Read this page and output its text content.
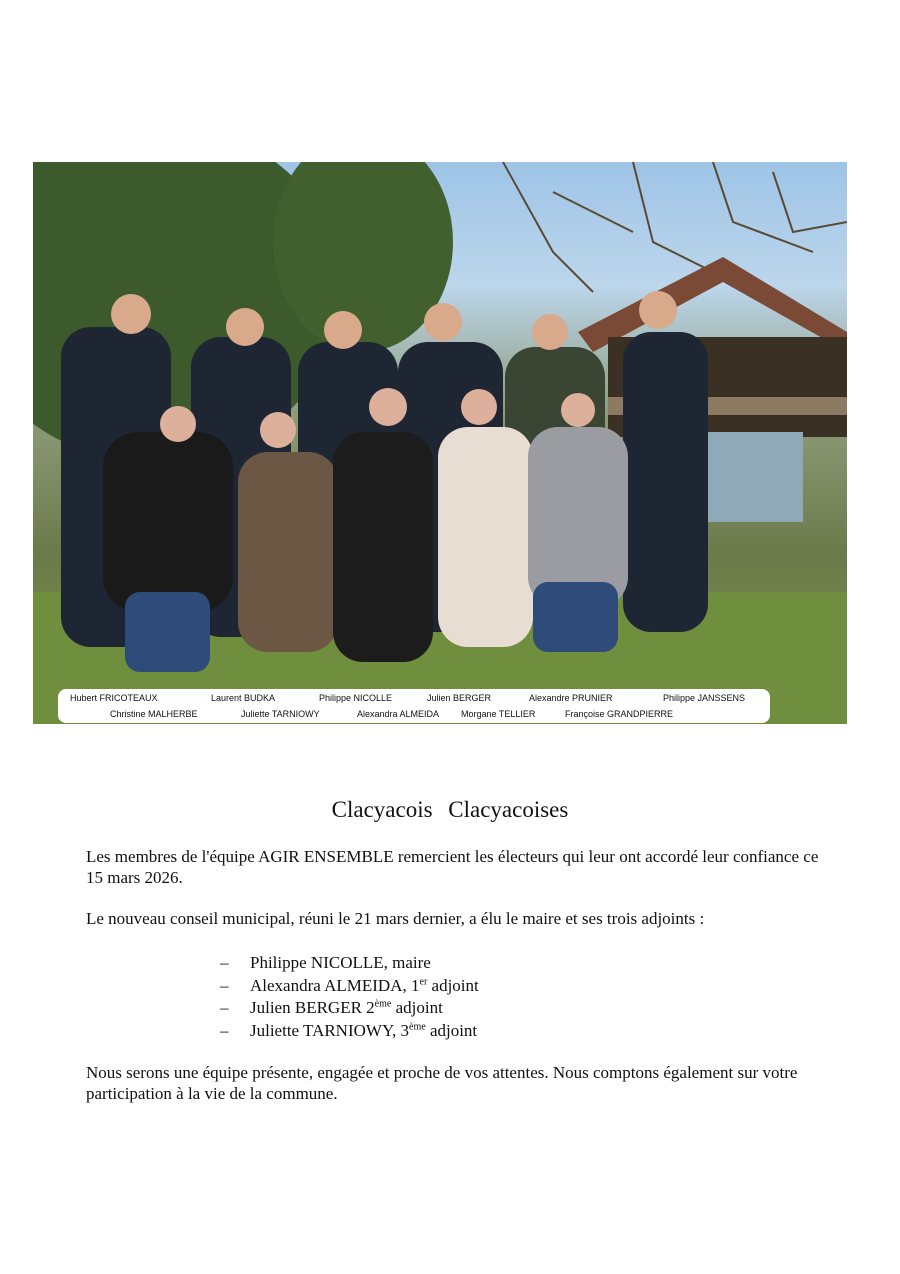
Hubert FRICOTEAUX	Laurent BUDKA	Philippe NICOLLE	Julien BERGER	Alexandre PRUNIER	Philippe JANSSENS
Christine MALHERBE	Juliette TARNIOWY	Alexandra ALMEIDA Morgane TELLIER	Françoise GRANDPIERRE
Clacyacois Clacyacoises
Les membres de l'équipe AGIR ENSEMBLE remercient les électeurs qui leur ont accordé leur confiance ce 15 mars 2026.
Le nouveau conseil municipal, réuni le 21 mars dernier, a élu le maire et ses trois adjoints :
– Philippe NICOLLE, maire
– Alexandra ALMEIDA, 1er adjoint
– Julien BERGER 2ème adjoint
– Juliette TARNIOWY, 3ème adjoint
Nous serons une équipe présente, engagée et proche de vos attentes. Nous comptons également sur votre participation à la vie de la commune.
